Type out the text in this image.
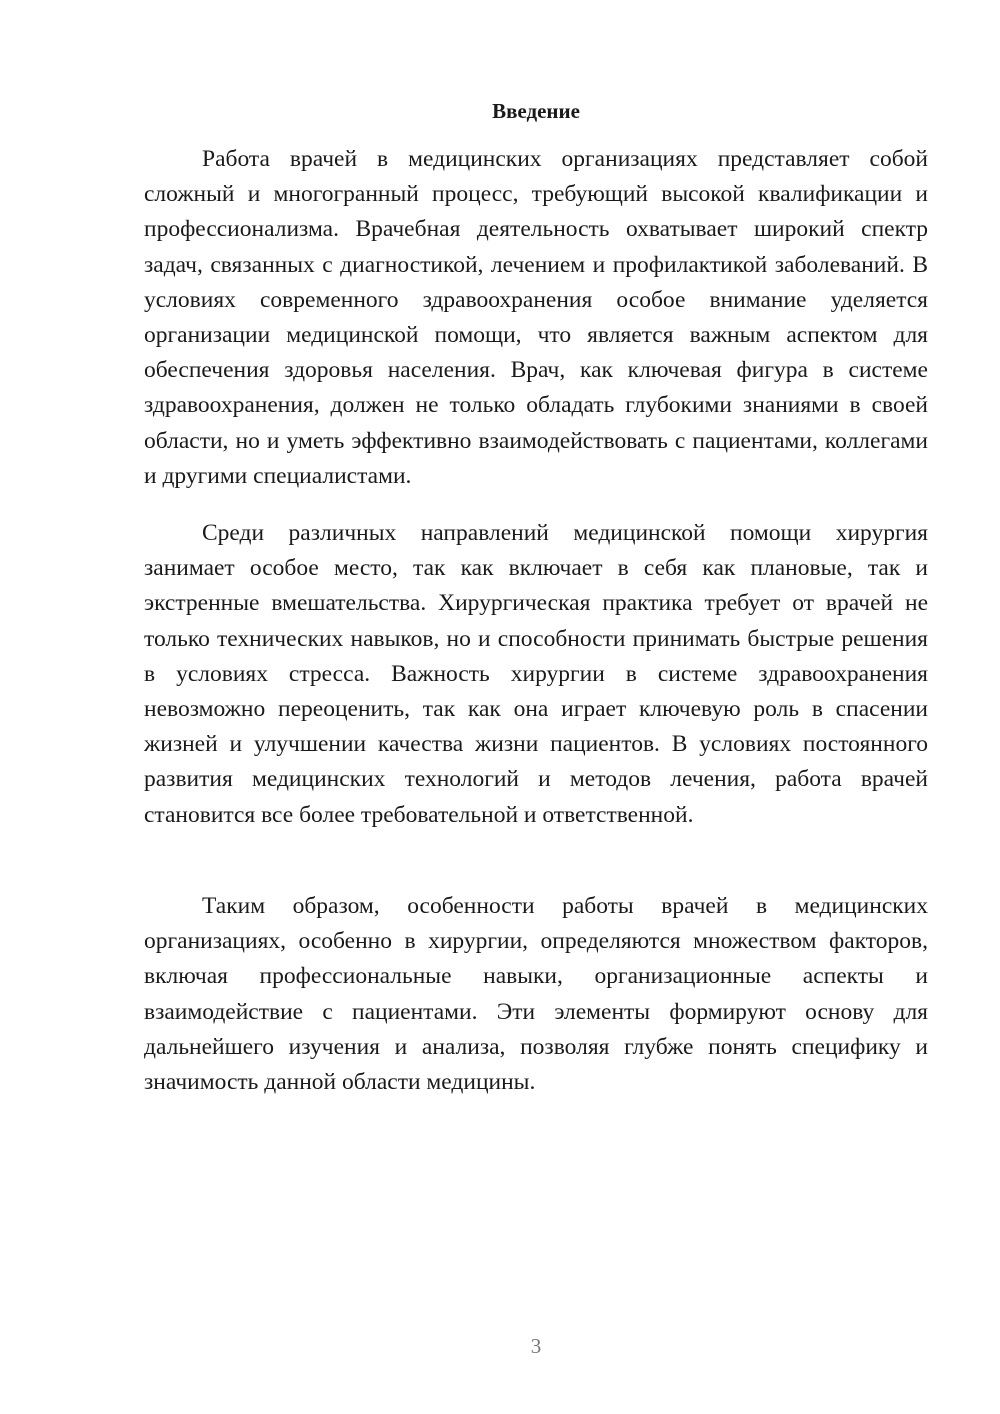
Введение

Работа врачей в медицинских организациях представляет собой сложный и многогранный процесс, требующий высокой квалификации и профессионализма. Врачебная деятельность охватывает широкий спектр задач, связанных с диагностикой, лечением и профилактикой заболеваний. В условиях современного здравоохранения особое внимание уделяется организации медицинской помощи, что является важным аспектом для обеспечения здоровья населения. Врач, как ключевая фигура в системе здравоохранения, должен не только обладать глубокими знаниями в своей области, но и уметь эффективно взаимодействовать с пациентами, коллегами и другими специалистами.

Среди различных направлений медицинской помощи хирургия занимает особое место, так как включает в себя как плановые, так и экстренные вмешательства. Хирургическая практика требует от врачей не только технических навыков, но и способности принимать быстрые решения в условиях стресса. Важность хирургии в системе здравоохранения невозможно переоценить, так как она играет ключевую роль в спасении жизней и улучшении качества жизни пациентов. В условиях постоянного развития медицинских технологий и методов лечения, работа врачей становится все более требовательной и ответственной.

Таким образом, особенности работы врачей в медицинских организациях, особенно в хирургии, определяются множеством факторов, включая профессиональные навыки, организационные аспекты и взаимодействие с пациентами. Эти элементы формируют основу для дальнейшего изучения и анализа, позволяя глубже понять специфику и значимость данной области медицины.

3
